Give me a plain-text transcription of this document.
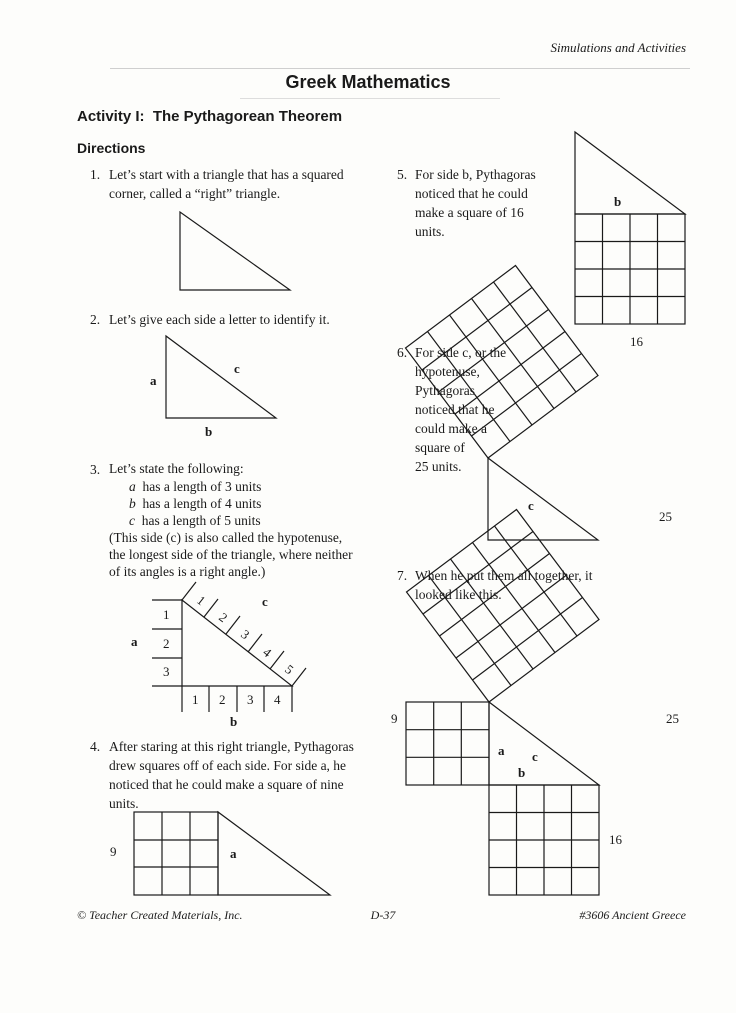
Simulations and Activities
Greek Mathematics
Activity I:  The Pythagorean Theorem
Directions
1. Let’s start with a triangle that has a squared
corner, called a “right” triangle.
2. Let’s give each side a letter to identify it.
a
c
b
3. Let’s state the following:
a has a length of 3 units
b has a length of 4 units
c has a length of 5 units
(This side (c) is also called the hypotenuse,
the longest side of the triangle, where neither
of its angles is a right angle.)
1
2
3
a
1 2 3 4
b
1
2
3
4
5
c
4. After staring at this right triangle, Pythagoras
drew squares off of each side. For side a, he
noticed that he could make a square of nine
units.
9	a
5. For side b, Pythagoras
noticed that he could
make a square of 16
units.
b
16
6. For side c, or the
hypotenuse,
Pythagoras
noticed that he
could make a
square of
25 units.
c
25
7. When he put them all together, it
looked like this.
a c
b
9	25
16
© Teacher Created Materials, Inc.	D-37	#3606 Ancient Greece
